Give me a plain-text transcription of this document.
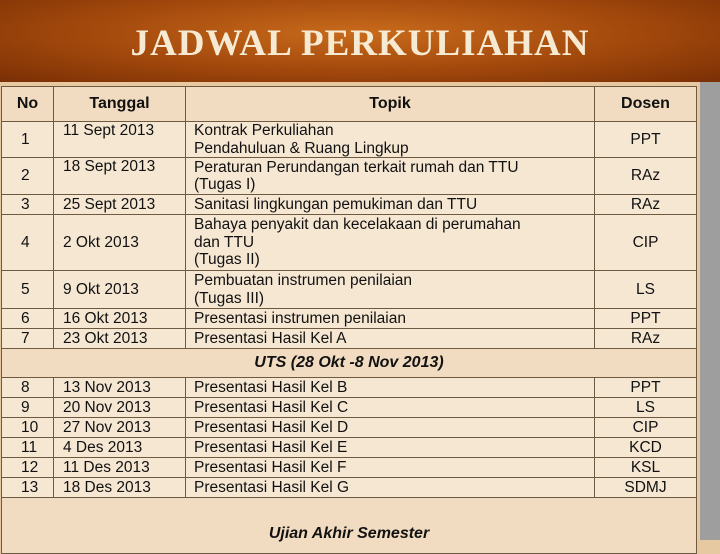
JADWAL PERKULIAHAN
No	Tanggal	Topik	Dosen
1	11 Sept 2013	Kontrak Perkuliahan
Pendahuluan & Ruang Lingkup	PPT
2	18 Sept 2013	Peraturan Perundangan terkait rumah dan TTU
(Tugas I)	RAz
3	25 Sept 2013	Sanitasi lingkungan pemukiman dan TTU	RAz
4	2 Okt 2013	Bahaya penyakit dan kecelakaan di perumahan
dan TTU
(Tugas II)	CIP
5	9 Okt 2013	Pembuatan instrumen penilaian
(Tugas III)	LS
6	16 Okt 2013	Presentasi instrumen penilaian	PPT
7	23 Okt 2013	Presentasi Hasil Kel A	RAz
UTS (28 Okt -8 Nov 2013)			
8	13 Nov 2013	Presentasi Hasil Kel B	PPT
9	20 Nov 2013	Presentasi Hasil Kel C	LS
10	27 Nov 2013	Presentasi Hasil Kel D	CIP
11	4 Des 2013	Presentasi Hasil Kel E	KCD
12	11 Des 2013	Presentasi Hasil Kel F	KSL
13	18 Des 2013	Presentasi Hasil Kel G	SDMJ
Ujian Akhir Semester			
